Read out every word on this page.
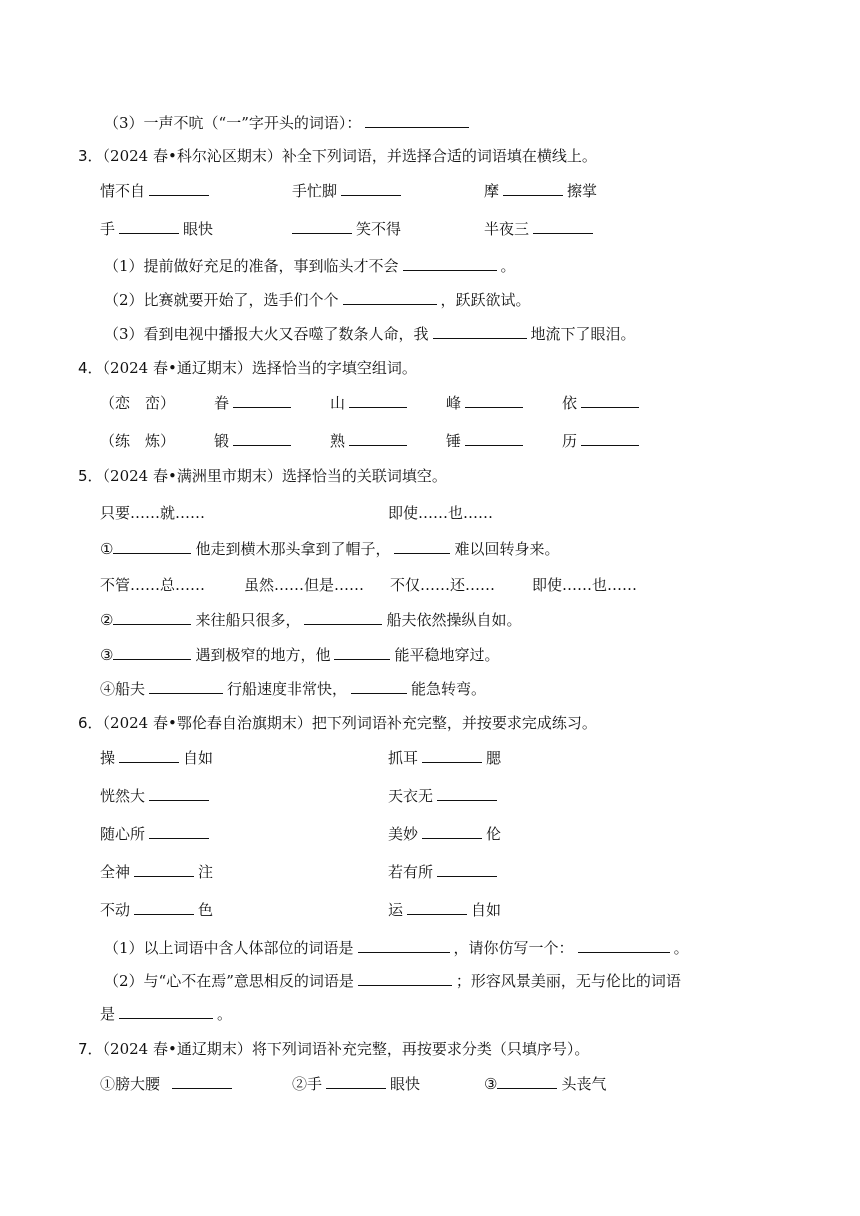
（3）一声不吭（“一”字开头的词语）：
3．（2024 春•科尔沁区期末）补全下列词语，并选择合适的词语填在横线上。
情不自	手忙脚	摩	擦掌
手	眼快	笑不得	半夜三
（1）提前做好充足的准备，事到临头才不会	。
（2）比赛就要开始了，选手们个个	，跃跃欲试。
（3）看到电视中播报大火又吞噬了数条人命，我	地流下了眼泪。
4．（2024 春•通辽期末）选择恰当的字填空组词。
（恋　峦）	眷	山	峰	依
（练　炼）	锻	熟	锤	历
5．（2024 春•满洲里市期末）选择恰当的关联词填空。
只要……就……	即使……也……
①	他走到横木那头拿到了帽子，	难以回转身来。
不管……总……	虽然……但是…… 不仅……还…… 即使……也……
②	来往船只很多，	船夫依然操纵自如。
③	遇到极窄的地方，他	能平稳地穿过。
④船夫	行船速度非常快，	能急转弯。
6．（2024 春•鄂伦春自治旗期末）把下列词语补充完整，并按要求完成练习。
操	自如	抓耳	腮
恍然大	天衣无
随心所	美妙	伦
全神	注	若有所
不动	色	运	自如
（1）以上词语中含人体部位的词语是	，请你仿写一个：	。
（2）与“心不在焉”意思相反的词语是	；形容风景美丽，无与伦比的词语
是	。
7．（2024 春•通辽期末）将下列词语补充完整，再按要求分类（只填序号）。
①膀大腰	②手	眼快	③	头丧气
